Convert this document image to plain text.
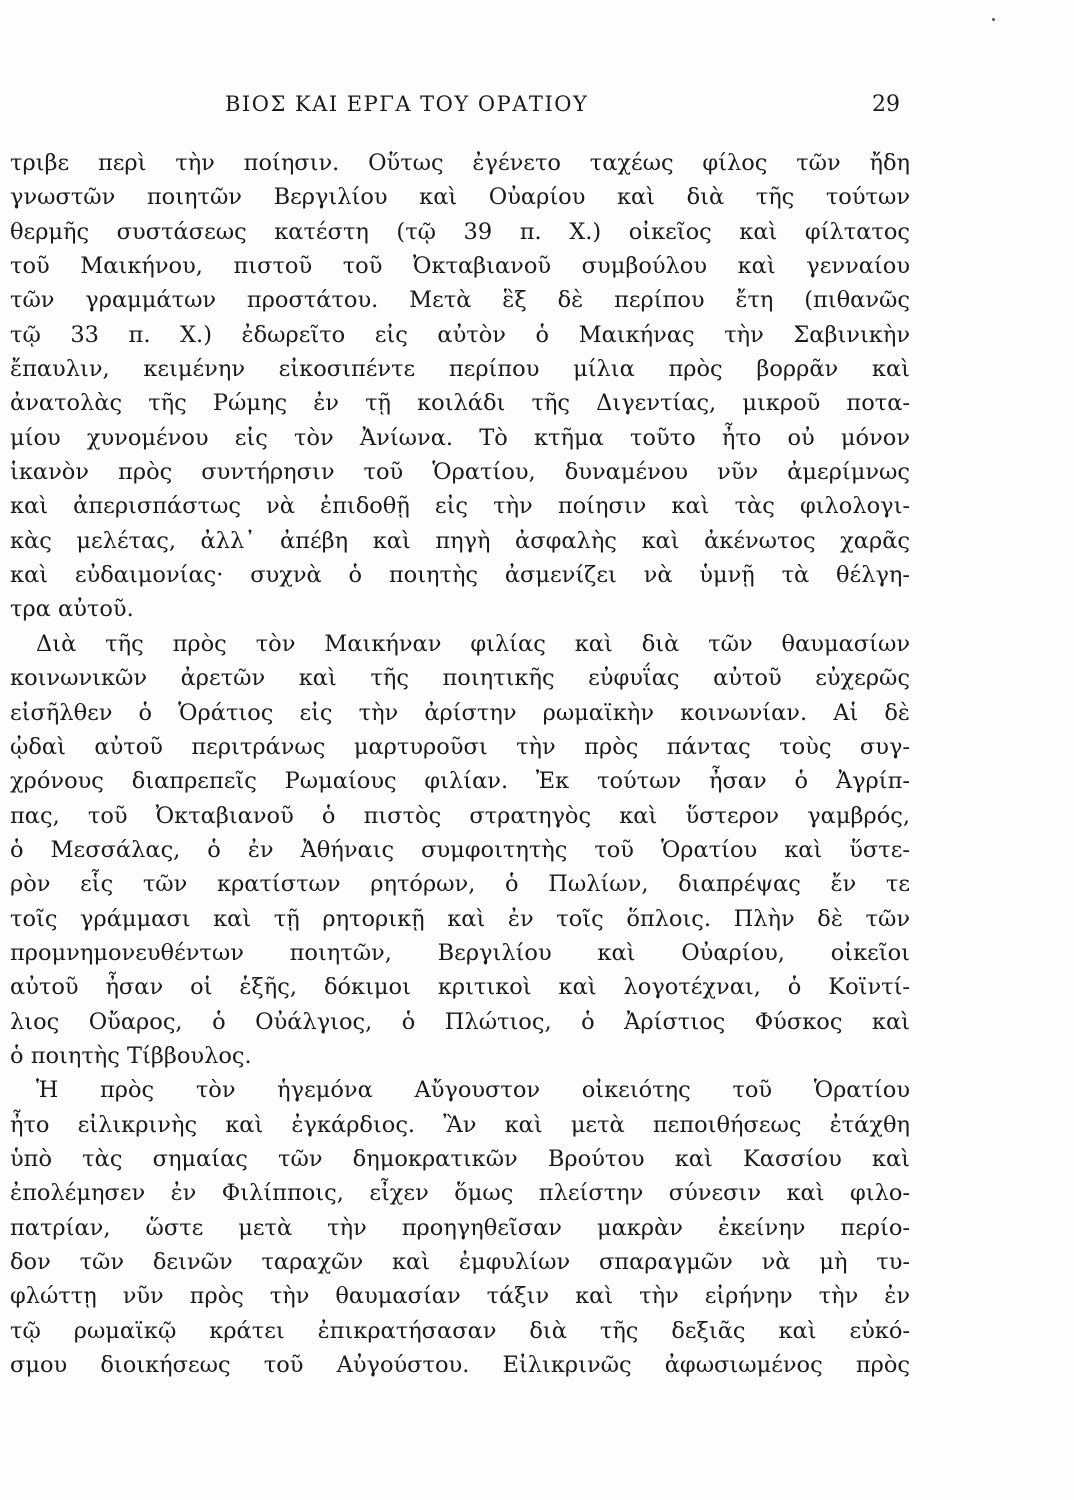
ΒΙΟΣ ΚΑΙ ΕΡΓΑ ΤΟΥ ΟΡΑΤΙΟΥ	29
τριβε περὶ τὴν ποίησιν. Οὕτως ἐγένετο ταχέως φίλος τῶν ἤδη
γνωστῶν ποιητῶν Βεργιλίου καὶ Οὐαρίου καὶ διὰ τῆς τούτων
θερμῆς συστάσεως κατέστη (τῷ 39 π. Χ.) οἰκεῖος καὶ φίλτατος
τοῦ Μαικήνου, πιστοῦ τοῦ Ὀκταβιανοῦ συμβούλου καὶ γενναίου
τῶν γραμμάτων προστάτου. Μετὰ ἓξ δὲ περίπου ἔτη (πιθανῶς
τῷ 33 π. Χ.) ἐδωρεῖτο εἰς αὐτὸν ὁ Μαικήνας τὴν Σαβινικὴν
ἔπαυλιν, κειμένην εἰκοσιπέντε περίπου μίλια πρὸς βορρᾶν καὶ
ἀνατολὰς τῆς Ρώμης ἐν τῇ κοιλάδι τῆς Διγεντίας, μικροῦ ποτα-
μίου χυνομένου εἰς τὸν Ἀνίωνα. Τὸ κτῆμα τοῦτο ἦτο οὐ μόνον
ἱκανὸν πρὸς συντήρησιν τοῦ Ὁρατίου, δυναμένου νῦν ἀμερίμνως
καὶ ἀπερισπάστως νὰ ἐπιδοθῇ εἰς τὴν ποίησιν καὶ τὰς φιλολογι-
κὰς μελέτας, ἀλλ᾽ ἀπέβη καὶ πηγὴ ἀσφαλὴς καὶ ἀκένωτος χαρᾶς
καὶ εὐδαιμονίας· συχνὰ ὁ ποιητὴς ἀσμενίζει νὰ ὑμνῇ τὰ θέλγη-
τρα αὐτοῦ.
Διὰ τῆς πρὸς τὸν Μαικήναν φιλίας καὶ διὰ τῶν θαυμασίων
κοινωνικῶν ἀρετῶν καὶ τῆς ποιητικῆς εὐφυΐας αὐτοῦ εὐχερῶς
εἰσῆλθεν ὁ Ὁράτιος εἰς τὴν ἀρίστην ρωμαϊκὴν κοινωνίαν. Αἱ δὲ
ᾠδαὶ αὐτοῦ περιτράνως μαρτυροῦσι τὴν πρὸς πάντας τοὺς συγ-
χρόνους διαπρεπεῖς Ρωμαίους φιλίαν. Ἐκ τούτων ἦσαν ὁ Ἀγρίπ-
πας, τοῦ Ὀκταβιανοῦ ὁ πιστὸς στρατηγὸς καὶ ὕστερον γαμβρός,
ὁ Μεσσάλας, ὁ ἐν Ἀθήναις συμφοιτητὴς τοῦ Ὁρατίου καὶ ὕστε-
ρὸν εἷς τῶν κρατίστων ρητόρων, ὁ Πωλίων, διαπρέψας ἔν τε
τοῖς γράμμασι καὶ τῇ ρητορικῇ καὶ ἐν τοῖς ὅπλοις. Πλὴν δὲ τῶν
προμνημονευθέντων ποιητῶν, Βεργιλίου καὶ Οὐαρίου, οἰκεῖοι
αὐτοῦ ἦσαν οἱ ἑξῆς, δόκιμοι κριτικοὶ καὶ λογοτέχναι, ὁ Κοϊντί-
λιος Οὔαρος, ὁ Οὐάλγιος, ὁ Πλώτιος, ὁ Ἀρίστιος Φύσκος καὶ
ὁ ποιητὴς Τίββουλος.
Ἡ πρὸς τὸν ἡγεμόνα Αὔγουστον οἰκειότης τοῦ Ὁρατίου
ἦτο εἰλικρινὴς καὶ ἐγκάρδιος. Ἂν καὶ μετὰ πεποιθήσεως ἐτάχθη
ὑπὸ τὰς σημαίας τῶν δημοκρατικῶν Βρούτου καὶ Κασσίου καὶ
ἐπολέμησεν ἐν Φιλίπποις, εἶχεν ὅμως πλείστην σύνεσιν καὶ φιλο-
πατρίαν, ὥστε μετὰ τὴν προηγηθεῖσαν μακρὰν ἐκείνην περίο-
δον τῶν δεινῶν ταραχῶν καὶ ἐμφυλίων σπαραγμῶν νὰ μὴ τυ-
φλώττῃ νῦν πρὸς τὴν θαυμασίαν τάξιν καὶ τὴν εἰρήνην τὴν ἐν
τῷ ρωμαϊκῷ κράτει ἐπικρατήσασαν διὰ τῆς δεξιᾶς καὶ εὐκό-
σμου διοικήσεως τοῦ Αὐγούστου. Εἰλικρινῶς ἀφωσιωμένος πρὸς
